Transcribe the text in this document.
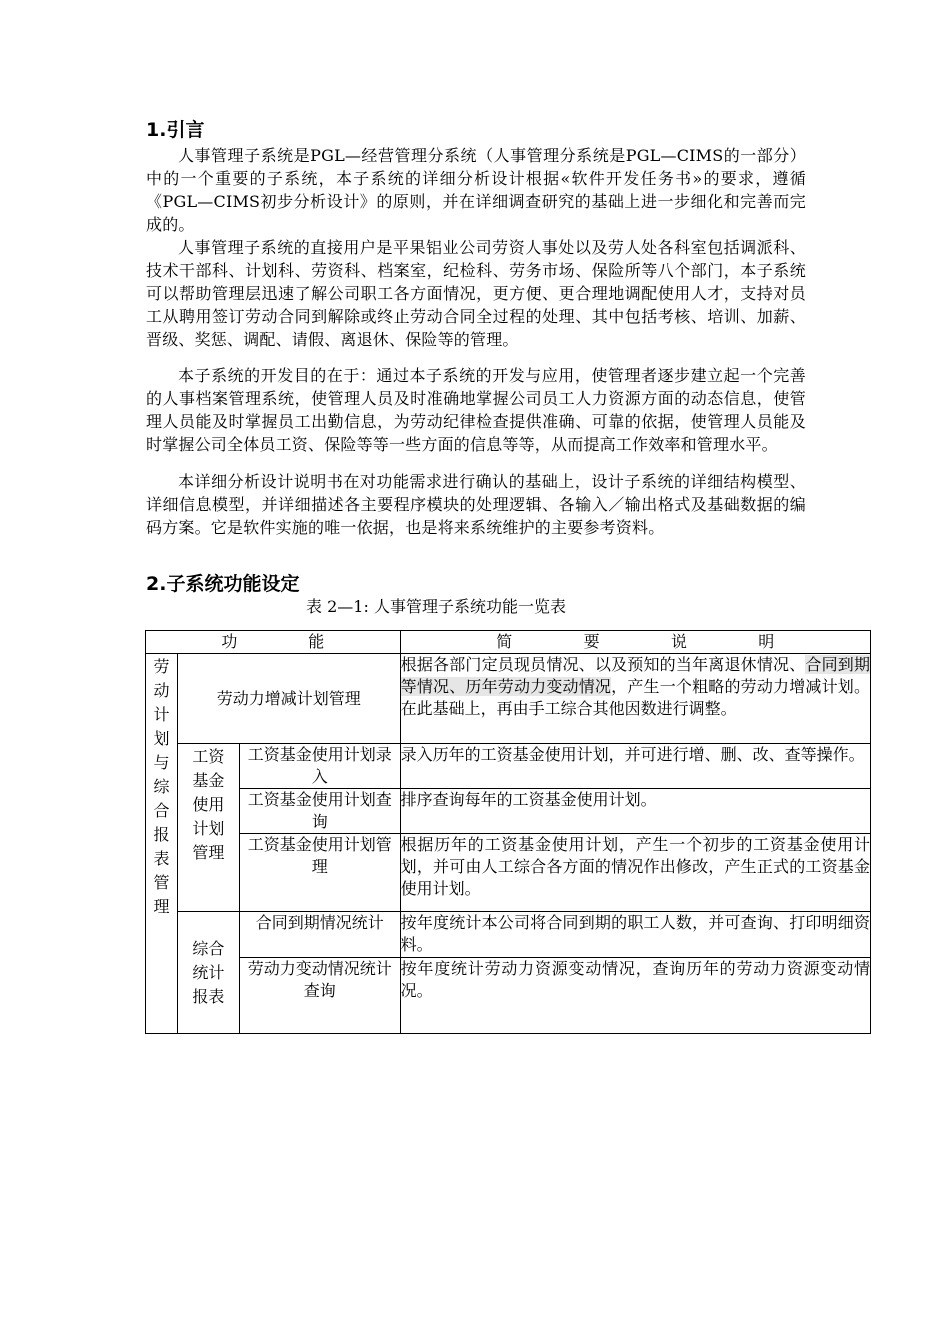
1.引言

人事管理子系统是PGL—经营管理分系统（人事管理分系统是PGL—CIMS的一部分）中的一个重要的子系统，本子系统的详细分析设计根据«软件开发任务书»的要求，遵循《PGL—CIMS初步分析设计》的原则，并在详细调查研究的基础上进一步细化和完善而完成的。

人事管理子系统的直接用户是平果铝业公司劳资人事处以及劳人处各科室包括调派科、技术干部科、计划科、劳资科、档案室，纪检科、劳务市场、保险所等八个部门，本子系统可以帮助管理层迅速了解公司职工各方面情况，更方便、更合理地调配使用人才，支持对员工从聘用签订劳动合同到解除或终止劳动合同全过程的处理、其中包括考核、培训、加薪、晋级、奖惩、调配、请假、离退休、保险等的管理。

本子系统的开发目的在于：通过本子系统的开发与应用，使管理者逐步建立起一个完善的人事档案管理系统，使管理人员及时准确地掌握公司员工人力资源方面的动态信息，使管理人员能及时掌握员工出勤信息，为劳动纪律检查提供准确、可靠的依据，使管理人员能及时掌握公司全体员工资、保险等等一些方面的信息等等，从而提高工作效率和管理水平。

本详细分析设计说明书在对功能需求进行确认的基础上，设计子系统的详细结构模型、详细信息模型，并详细描述各主要程序模块的处理逻辑、各输入／输出格式及基础数据的编码方案。它是软件实施的唯一依据，也是将来系统维护的主要参考资料。

2.子系统功能设定
表 2—1: 人事管理子系统功能一览表
功 能			简 要 说 明

劳动计划与综合报表管理	劳动力增减计划管理		根据各部门定员现员情况、以及预知的当年离退休情况、合同到期等情况、历年劳动力变动情况，产生一个粗略的劳动力增减计划。在此基础上，再由手工综合其他因数进行调整。

	工资基金使用计划管理	工资基金使用计划录入	录入历年的工资基金使用计划，并可进行增、删、改、查等操作。
		工资基金使用计划查询	排序查询每年的工资基金使用计划。
		工资基金使用计划管理	根据历年的工资基金使用计划，产生一个初步的工资基金使用计划，并可由人工综合各方面的情况作出修改，产生正式的工资基金使用计划。

	综合统计报表	合同到期情况统计	按年度统计本公司将合同到期的职工人数，并可查询、打印明细资料。
		劳动力变动情况统计查询	按年度统计劳动力资源变动情况，查询历年的劳动力资源变动情况。
